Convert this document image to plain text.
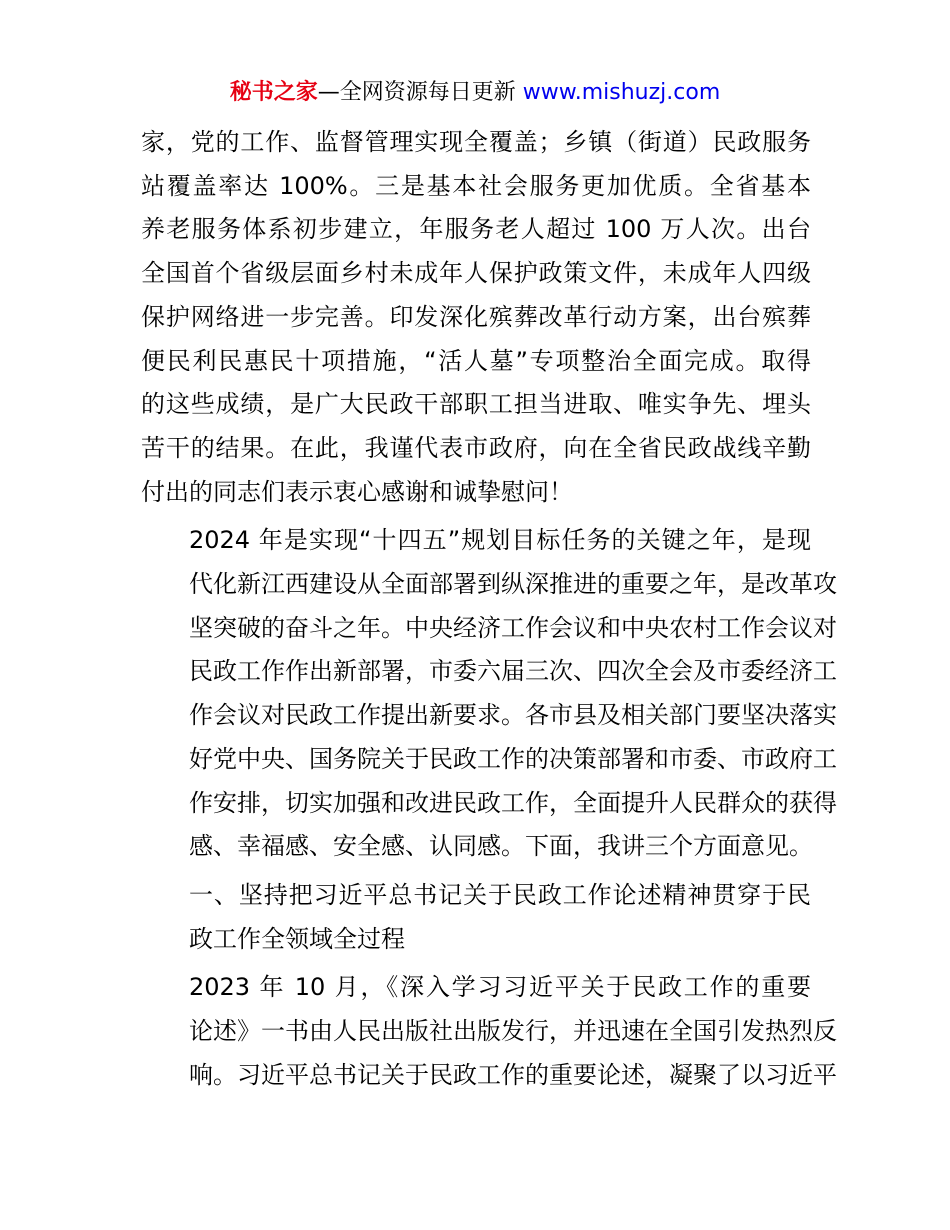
秘书之家—全网资源每日更新 www.mishuzj.com

家，党的工作、监督管理实现全覆盖；乡镇（街道）民政服务
站覆盖率达 100%。三是基本社会服务更加优质。全省基本
养老服务体系初步建立，年服务老人超过 100 万人次。出台
全国首个省级层面乡村未成年人保护政策文件，未成年人四级
保护网络进一步完善。印发深化殡葬改革行动方案，出台殡葬
便民利民惠民十项措施，“活人墓”专项整治全面完成。取得
的这些成绩，是广大民政干部职工担当进取、唯实争先、埋头
苦干的结果。在此，我谨代表市政府，向在全省民政战线辛勤
付出的同志们表示衷心感谢和诚挚慰问！

2024 年是实现“十四五”规划目标任务的关键之年，是现
代化新江西建设从全面部署到纵深推进的重要之年，是改革攻
坚突破的奋斗之年。中央经济工作会议和中央农村工作会议对
民政工作作出新部署，市委六届三次、四次全会及市委经济工
作会议对民政工作提出新要求。各市县及相关部门要坚决落实
好党中央、国务院关于民政工作的决策部署和市委、市政府工
作安排，切实加强和改进民政工作，全面提升人民群众的获得
感、幸福感、安全感、认同感。下面，我讲三个方面意见。

一、坚持把习近平总书记关于民政工作论述精神贯穿于民
政工作全领域全过程

2023 年 10 月，《深入学习习近平关于民政工作的重要
论述》一书由人民出版社出版发行，并迅速在全国引发热烈反
响。习近平总书记关于民政工作的重要论述，凝聚了以习近平
